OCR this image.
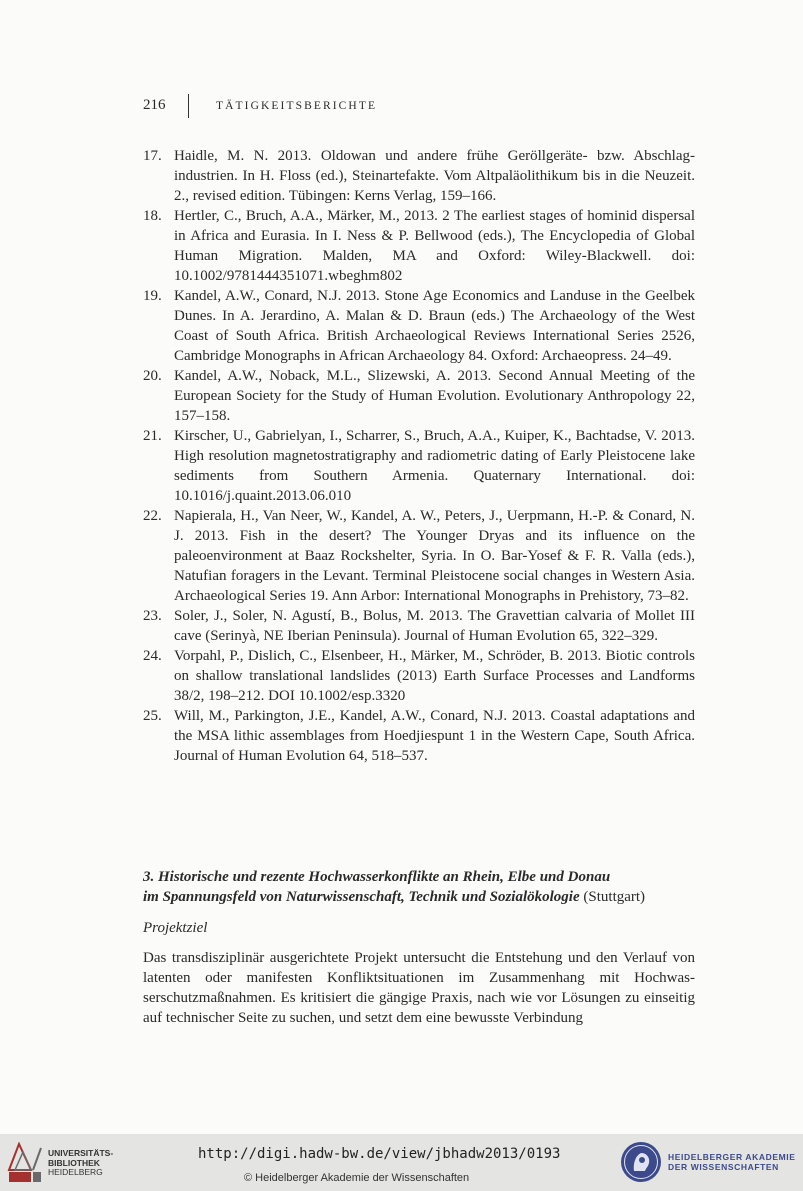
216	TÄTIGKEITSBERICHTE
17. Haidle, M. N. 2013. Oldowan und andere frühe Geröllgeräte- bzw. Abschlagindustrien. In H. Floss (ed.), Steinartefakte. Vom Altpaläolithikum bis in die Neuzeit. 2., revised edition. Tübingen: Kerns Verlag, 159–166.
18. Hertler, C., Bruch, A.A., Märker, M., 2013. 2 The earliest stages of hominid dispersal in Africa and Eurasia. In I. Ness & P. Bellwood (eds.), The Encyclopedia of Global Human Migration. Malden, MA and Oxford: Wiley-Blackwell. doi: 10.1002/9781444351071.wbeghm802
19. Kandel, A.W., Conard, N.J. 2013. Stone Age Economics and Landuse in the Geelbek Dunes. In A. Jerardino, A. Malan & D. Braun (eds.) The Archaeology of the West Coast of South Africa. British Archaeological Reviews International Series 2526, Cambridge Monographs in African Archaeology 84. Oxford: Archaeopress. 24–49.
20. Kandel, A.W., Noback, M.L., Slizewski, A. 2013. Second Annual Meeting of the European Society for the Study of Human Evolution. Evolutionary Anthropology 22, 157–158.
21. Kirscher, U., Gabrielyan, I., Scharrer, S., Bruch, A.A., Kuiper, K., Bachtadse, V. 2013. High resolution magnetostratigraphy and radiometric dating of Early Pleistocene lake sediments from Southern Armenia. Quaternary International. doi: 10.1016/j.quaint.2013.06.010
22. Napierala, H., Van Neer, W., Kandel, A. W., Peters, J., Uerpmann, H.-P. & Conard, N. J. 2013. Fish in the desert? The Younger Dryas and its influence on the paleoenvironment at Baaz Rockshelter, Syria. In O. Bar-Yosef & F. R. Valla (eds.), Natufian foragers in the Levant. Terminal Pleistocene social changes in Western Asia. Archaeological Series 19. Ann Arbor: International Monographs in Prehistory, 73–82.
23. Soler, J., Soler, N. Agustí, B., Bolus, M. 2013. The Gravettian calvaria of Mollet III cave (Serinyà, NE Iberian Peninsula). Journal of Human Evolution 65, 322–329.
24. Vorpahl, P., Dislich, C., Elsenbeer, H., Märker, M., Schröder, B. 2013. Biotic controls on shallow translational landslides (2013) Earth Surface Processes and Landforms 38/2, 198–212. DOI 10.1002/esp.3320
25. Will, M., Parkington, J.E., Kandel, A.W., Conard, N.J. 2013. Coastal adaptations and the MSA lithic assemblages from Hoedjiespunt 1 in the Western Cape, South Africa. Journal of Human Evolution 64, 518–537.
3. Historische und rezente Hochwasserkonflikte an Rhein, Elbe und Donau
im Spannungsfeld von Naturwissenschaft, Technik und Sozialökologie (Stuttgart)
Projektziel

Das transdisziplinär ausgerichtete Projekt untersucht die Entstehung und den Verlauf von latenten oder manifesten Konfliktsituationen im Zusammenhang mit Hochwasserschutzmaßnahmen. Es kritisiert die gängige Praxis, nach wie vor Lösungen zu einseitig auf technischer Seite zu suchen, und setzt dem eine bewusste Verbindung

UNIVERSITÄTS-
BIBLIOTHEK
HEIDELBERG
http://digi.hadw-bw.de/view/jbhadw2013/0193
© Heidelberger Akademie der Wissenschaften
HEIDELBERGER AKADEMIE
DER WISSENSCHAFTEN
